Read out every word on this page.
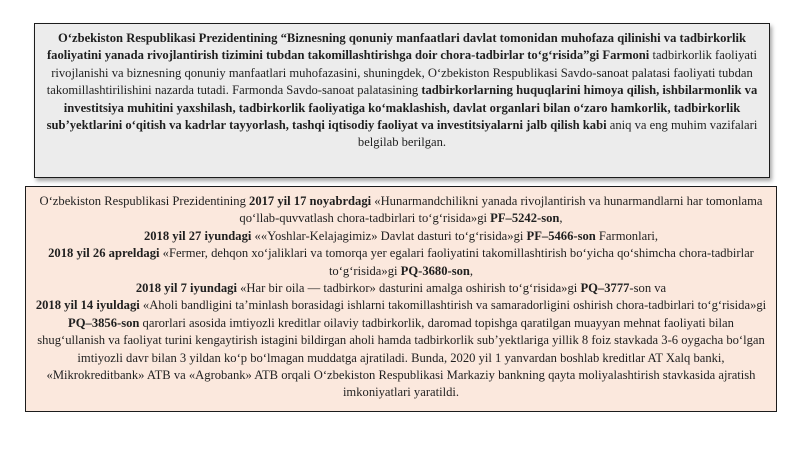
O‘zbekiston Respublikasi Prezidentining “Biznesning qonuniy manfaatlari davlat tomonidan muhofaza qilinishi va tadbirkorlik faoliyatini yanada rivojlantirish tizimini tubdan takomillashtirishga doir chora-tadbirlar to‘g‘risida”gi Farmoni tadbirkorlik faoliyati rivojlanishi va biznesning qonuniy manfaatlari muhofazasini, shuningdek, O‘zbekiston Respublikasi Savdo-sanoat palatasi faoliyati tubdan takomillashtirilishini nazarda tutadi. Farmonda Savdo-sanoat palatasining tadbirkorlarning huquqlarini himoya qilish, ishbilarmonlik va investitsiya muhitini yaxshilash, tadbirkorlik faoliyatiga ko‘maklashish, davlat organlari bilan o‘zaro hamkorlik, tadbirkorlik sub’yektlarini o‘qitish va kadrlar tayyorlash, tashqi iqtisodiy faoliyat va investitsiyalarni jalb qilish kabi aniq va eng muhim vazifalari belgilab berilgan.
O‘zbekiston Respublikasi Prezidentining 2017 yil 17 noyabrdagi «Hunarmandchilikni yanada rivojlantirish va hunarmandlarni har tomonlama qo‘llab-quvvatlash chora-tadbirlari to‘g‘risida»gi PF–5242-son,
2018 yil 27 iyundagi ««Yoshlar-Kelajagimiz» Davlat dasturi to‘g‘risida»gi PF–5466-son Farmonlari,
2018 yil 26 apreldagi «Fermer, dehqon xo‘jaliklari va tomorqa yer egalari faoliyatini takomillashtirish bo‘yicha qo‘shimcha chora-tadbirlar to‘g‘risida»gi PQ-3680-son,
2018 yil 7 iyundagi «Har bir oila — tadbirkor» dasturini amalga oshirish to‘g‘risida»gi PQ–3777-son va
2018 yil 14 iyuldagi «Aholi bandligini ta’minlash borasidagi ishlarni takomillashtirish va samaradorligini oshirish chora-tadbirlari to‘g‘risida»gi PQ–3856-son qarorlari asosida imtiyozli kreditlar oilaviy tadbirkorlik, daromad topishga qaratilgan muayyan mehnat faoliyati bilan shug‘ullanish va faoliyat turini kengaytirish istagini bildirgan aholi hamda tadbirkorlik sub’yektlariga yillik 8 foiz stavkada 3-6 oygacha bo‘lgan imtiyozli davr bilan 3 yildan ko‘p bo‘lmagan muddatga ajratiladi. Bunda, 2020 yil 1 yanvardan boshlab kreditlar AT Xalq banki, «Mikrokreditbank» ATB va «Agrobank» ATB orqali O‘zbekiston Respublikasi Markaziy bankning qayta moliyalashtirish stavkasida ajratish imkoniyatlari yaratildi.
